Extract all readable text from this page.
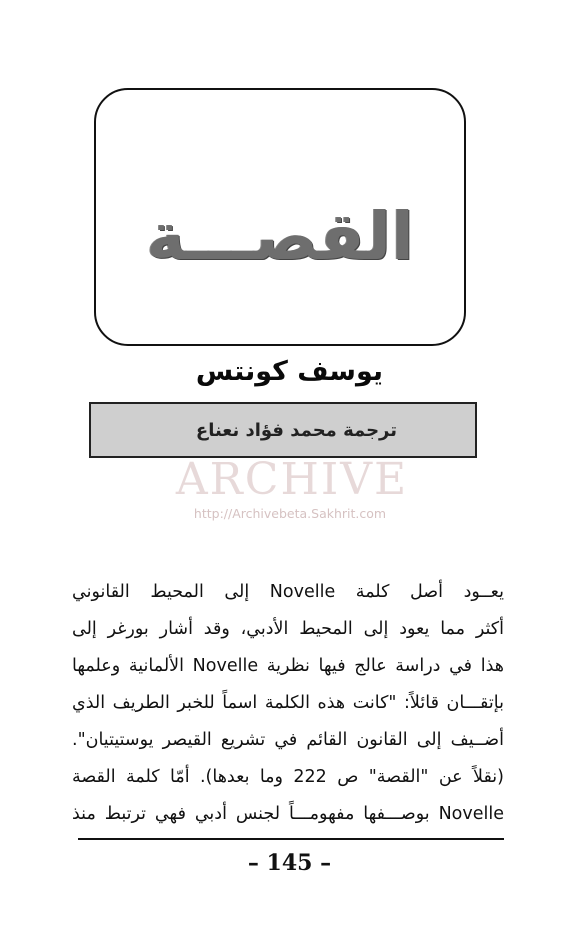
القصـــة
يوسف كونتس
ترجمة محمد فؤاد نعناع
ARCHIVE
http://Archivebeta.Sakhrit.com
يعــود أصل كلمة Novelle إلى المحيط القانوني
أكثر مما يعود إلى المحيط الأدبي، وقد أشار بورغر إلى
هذا في دراسة عالج فيها نظرية Novelle الألمانية وعلمها
بإتقـــان قائلاً: "كانت هذه الكلمة اسماً للخبر الطريف الذي
أضــيف إلى القانون القائم في تشريع القيصر يوستيتيان".
(نقلاً عن "القصة" ص 222 وما بعدها). أمّا كلمة القصة
Novelle بوصـــفها مفهومـــاً لجنس أدبي فهي ترتبط منذ
– 145 –
